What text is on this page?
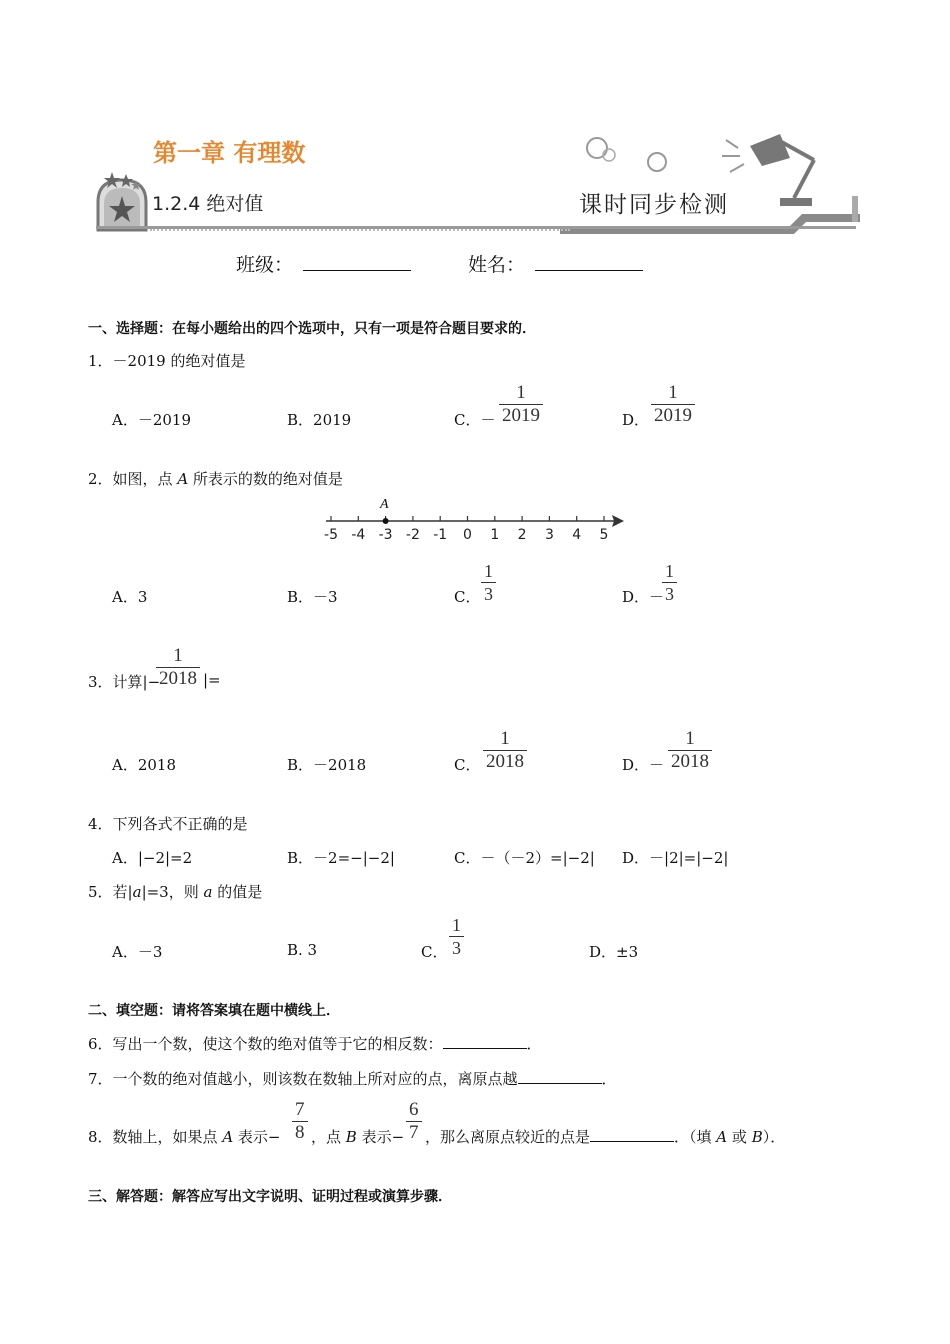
第一章 有理数
1.2.4 绝对值	课时同步检测
班级：	姓名：
一、选择题：在每小题给出的四个选项中，只有一项是符合题目要求的．
1．－2019 的绝对值是
A．－2019	B．2019	C．－ $\frac{1}{2019}$	D． $\frac{1}{2019}$
2．如图，点 A 所表示的数的绝对值是
-5 -4 -3 -2 -1 0 1 2 3 4 5
A
A．3	B．－3	C． $\frac{1}{3}$	D．－
$\frac{1}{3}$
3．计算|−
$\frac{1}{2018}$ |=
A．2018	B．－2018	C． $\frac{1}{2018}$	D．－ $\frac{1}{2018}$
4．下列各式不正确的是
A．|−2|=2	B．－2=−|−2|	C．－（－2）=|−2| D．－|2|=|−2|
5．若|a|=3，则 a 的值是
A．－3	B. 3	C． $\frac{1}{3}$	D．±3
二、填空题：请将答案填在题中横线上．
6．写出一个数，使这个数的绝对值等于它的相反数：	．
7．一个数的绝对值越小，则该数在数轴上所对应的点，离原点越	．
8．数轴上，如果点 A 表示− $\frac{7}{8}$ ，点 B 表示− $\frac{6}{7}$ ，那么离原点较近的点是	．（填 A 或 B）．
三、解答题：解答应写出文字说明、证明过程或演算步骤．
